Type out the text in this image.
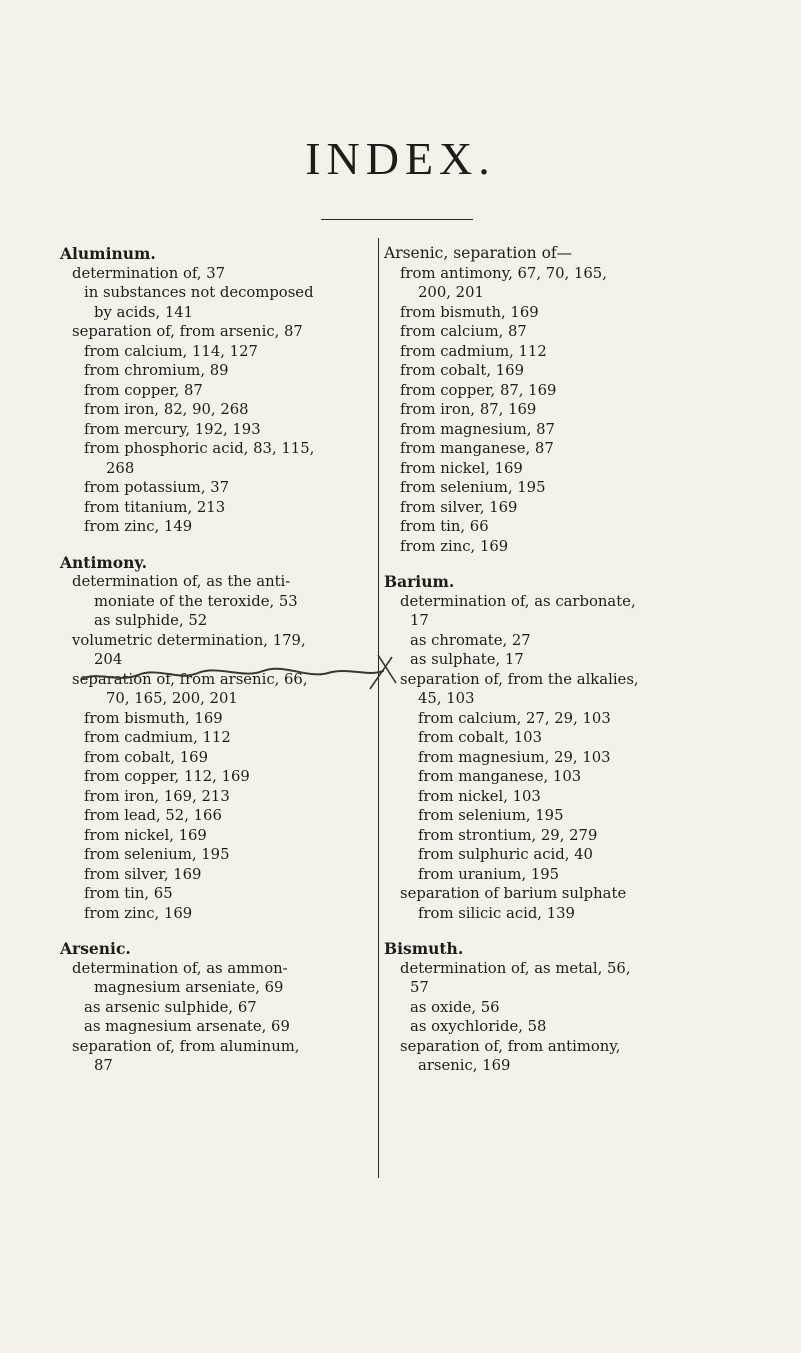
INDEX.
Aluminum.
determination of, 37
in substances not decomposed
by acids, 141
separation of, from arsenic, 87
from calcium, 114, 127
from chromium, 89
from copper, 87
from iron, 82, 90, 268
from mercury, 192, 193
from phosphoric acid, 83, 115,
268
from potassium, 37
from titanium, 213
from zinc, 149
Antimony.
determination of, as the anti-
moniate of the teroxide, 53
as sulphide, 52
volumetric determination, 179,
204
separation of, from arsenic, 66,
70, 165, 200, 201
from bismuth, 169
from cadmium, 112
from cobalt, 169
from copper, 112, 169
from iron, 169, 213
from lead, 52, 166
from nickel, 169
from selenium, 195
from silver, 169
from tin, 65
from zinc, 169
Arsenic.
determination of, as ammon-
magnesium arseniate, 69
as arsenic sulphide, 67
as magnesium arsenate, 69
separation of, from aluminum,
87
Arsenic, separation of—
from antimony, 67, 70, 165,
200, 201
from bismuth, 169
from calcium, 87
from cadmium, 112
from cobalt, 169
from copper, 87, 169
from iron, 87, 169
from magnesium, 87
from manganese, 87
from nickel, 169
from selenium, 195
from silver, 169
from tin, 66
from zinc, 169
Barium.
determination of, as carbonate,
17
as chromate, 27
as sulphate, 17
separation of, from the alkalies,
45, 103
from calcium, 27, 29, 103
from cobalt, 103
from magnesium, 29, 103
from manganese, 103
from nickel, 103
from selenium, 195
from strontium, 29, 279
from sulphuric acid, 40
from uranium, 195
separation of barium sulphate
from silicic acid, 139
Bismuth.
determination of, as metal, 56,
57
as oxide, 56
as oxychloride, 58
separation of, from antimony,
arsenic, 169
